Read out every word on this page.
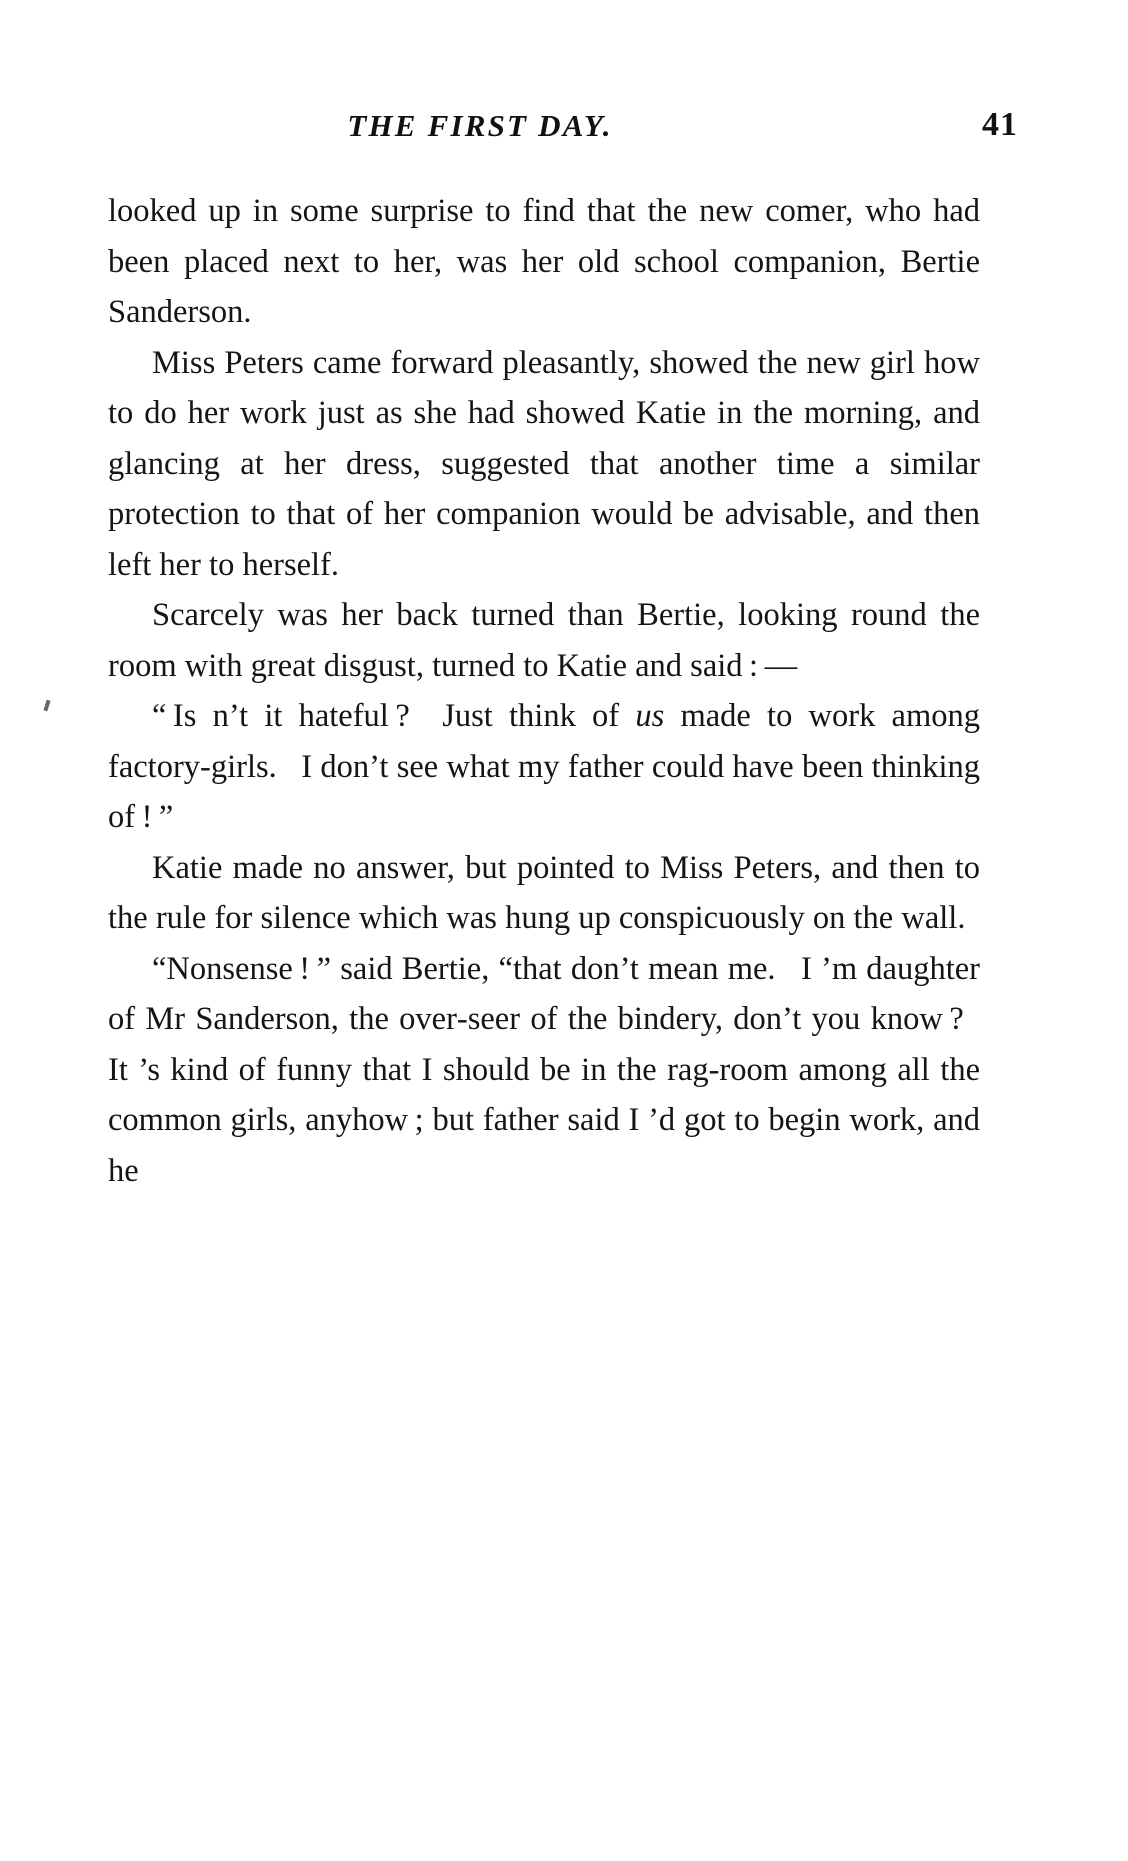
THE FIRST DAY.	41

looked up in some surprise to find that the new comer, who had been placed next to her, was her old school companion, Bertie Sanderson.

Miss Peters came forward pleasantly, showed the new girl how to do her work just as she had showed Katie in the morning, and glancing at her dress, suggested that another time a similar protection to that of her companion would be advisable, and then left her to herself.

Scarcely was her back turned than Bertie, looking round the room with great disgust, turned to Katie and said : —

“ Is n’t it hateful ?  Just think of us made to work among factory-girls.  I don’t see what my father could have been thinking of ! ”

Katie made no answer, but pointed to Miss Peters, and then to the rule for silence which was hung up conspicuously on the wall.

“Nonsense ! ” said Bertie, “that don’t mean me.  I ’m daughter of Mr Sanderson, the over‐seer of the bindery, don’t you know ?  It ’s kind of funny that I should be in the rag-room among all the common girls, anyhow ; but father said I ’d got to begin work, and he
